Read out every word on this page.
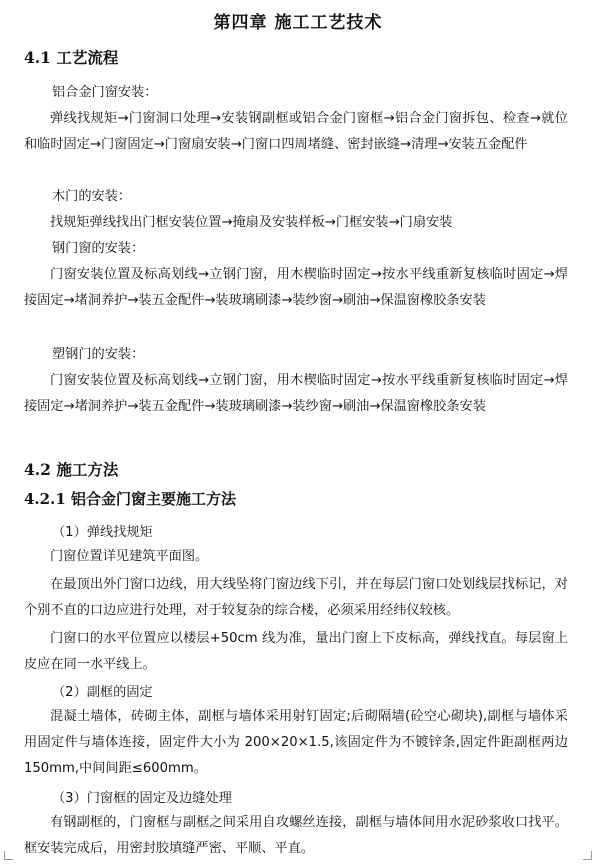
第四章 施工工艺技术
4.1 工艺流程
铝合金门窗安装：
弹线找规矩→门窗洞口处理→安装钢副框或铝合金门窗框→铝合金门窗拆包、检查→就位和临时固定→门窗固定→门窗扇安装→门窗口四周堵缝、密封嵌缝→清理→安装五金配件
木门的安装：
找规矩弹线找出门框安装位置→掩扇及安装样板→门框安装→门扇安装
钢门窗的安装：
门窗安装位置及标高划线→立钢门窗，用木楔临时固定→按水平线重新复核临时固定→焊接固定→堵洞养护→装五金配件→装玻璃刷漆→装纱窗→刷油→保温窗橡胶条安装
塑钢门的安装：
门窗安装位置及标高划线→立钢门窗，用木楔临时固定→按水平线重新复核临时固定→焊接固定→堵洞养护→装五金配件→装玻璃刷漆→装纱窗→刷油→保温窗橡胶条安装
4.2 施工方法
4.2.1 铝合金门窗主要施工方法
（1）弹线找规矩
门窗位置详见建筑平面图。
在最顶出外门窗口边线，用大线坠将门窗边线下引，并在每层门窗口处划线层找标记，对个别不直的口边应进行处理，对于较复杂的综合楼，必须采用经纬仪较核。
门窗口的水平位置应以楼层+50cm 线为准，量出门窗上下皮标高，弹线找直。每层窗上皮应在同一水平线上。
（2）副框的固定
混凝土墙体，砖砌主体，副框与墙体采用射钉固定;后砌隔墙(砼空心砌块),副框与墙体采用固定件与墙体连接，固定件大小为 200×20×1.5,该固定件为不镀锌条,固定件距副框两边 150mm,中间间距≤600mm。
（3）门窗框的固定及边缝处理
有钢副框的，门窗框与副框之间采用自攻螺丝连接，副框与墙体间用水泥砂浆收口找平。框安装完成后，用密封胶填缝严密、平顺、平直。
